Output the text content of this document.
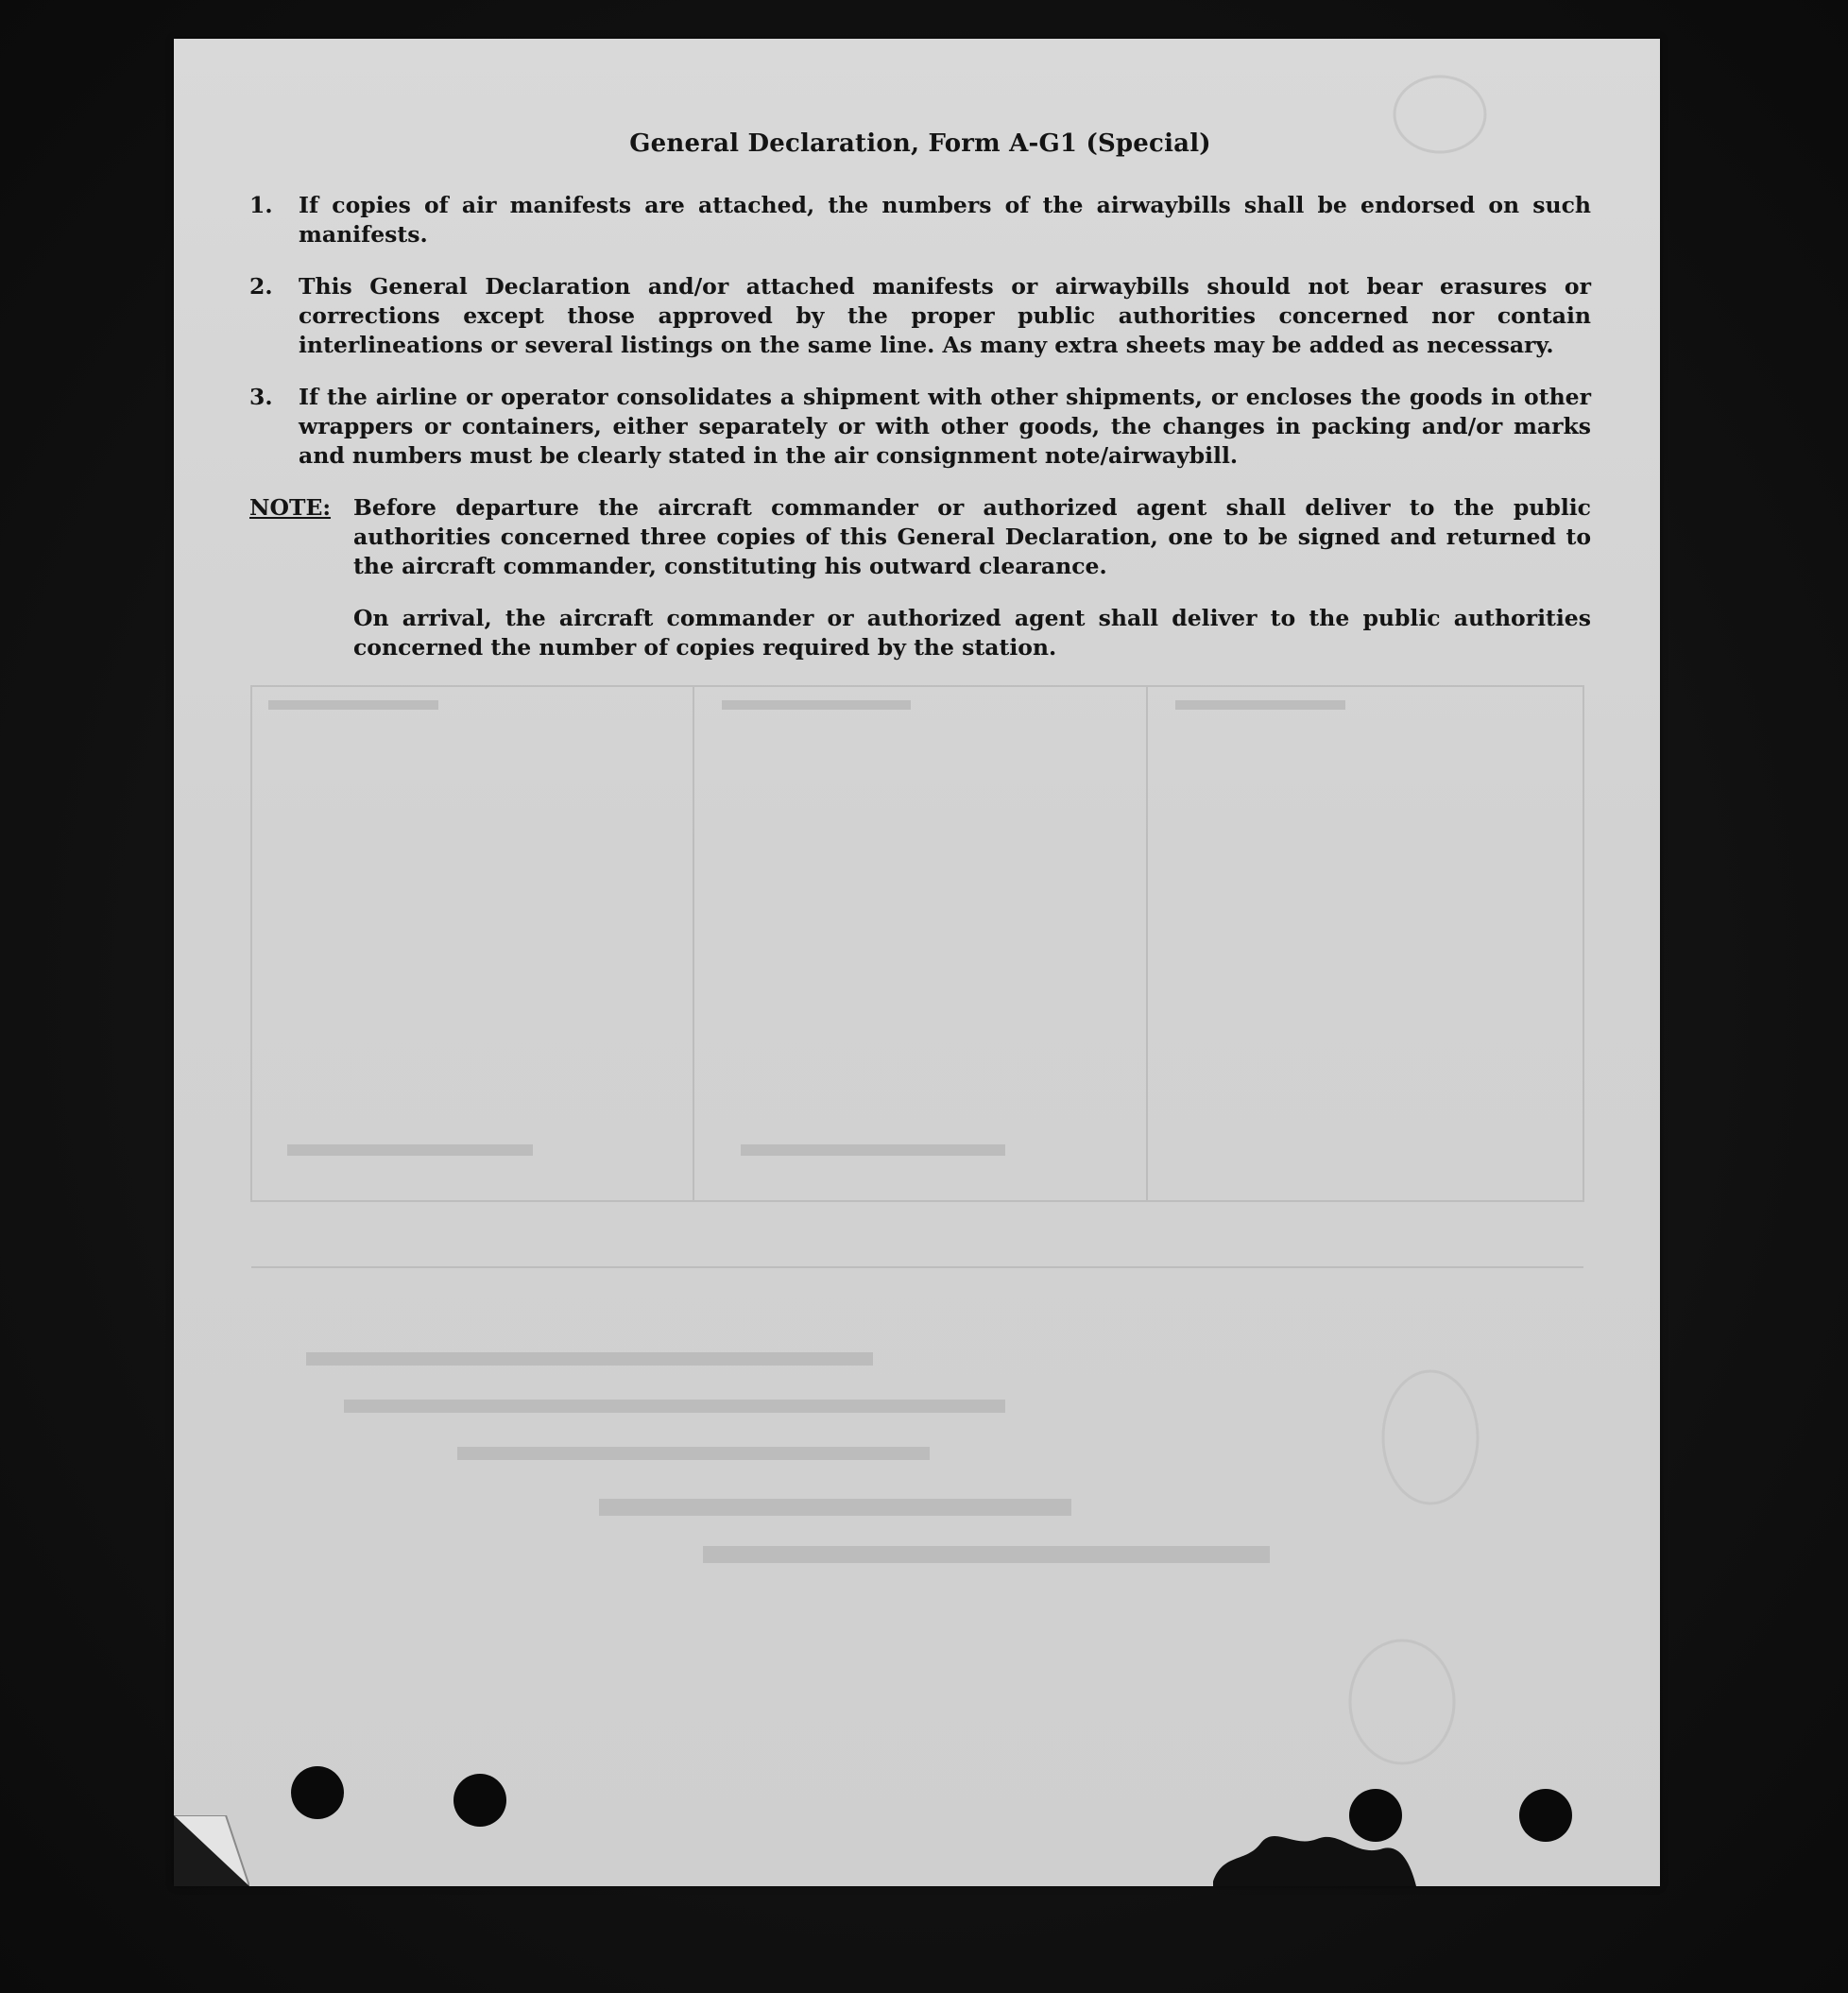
General Declaration, Form A-G1 (Special)
1.	If copies of air manifests are attached, the numbers of the airwaybills shall be endorsed on such manifests.
2.	This General Declaration and/or attached manifests or airwaybills should not bear erasures or corrections except those approved by the proper public authorities concerned nor contain interlineations or several listings on the same line. As many extra sheets may be added as necessary.
3.	If the airline or operator consolidates a shipment with other shipments, or encloses the goods in other wrappers or containers, either separately or with other goods, the changes in packing and/or marks and numbers must be clearly stated in the air consignment note/airwaybill.
NOTE:	Before departure the aircraft commander or authorized agent shall deliver to the public authorities concerned three copies of this General Declaration, one to be signed and returned to the aircraft commander, constituting his outward clearance.
On arrival, the aircraft commander or authorized agent shall deliver to the public authorities concerned the number of copies required by the station.
